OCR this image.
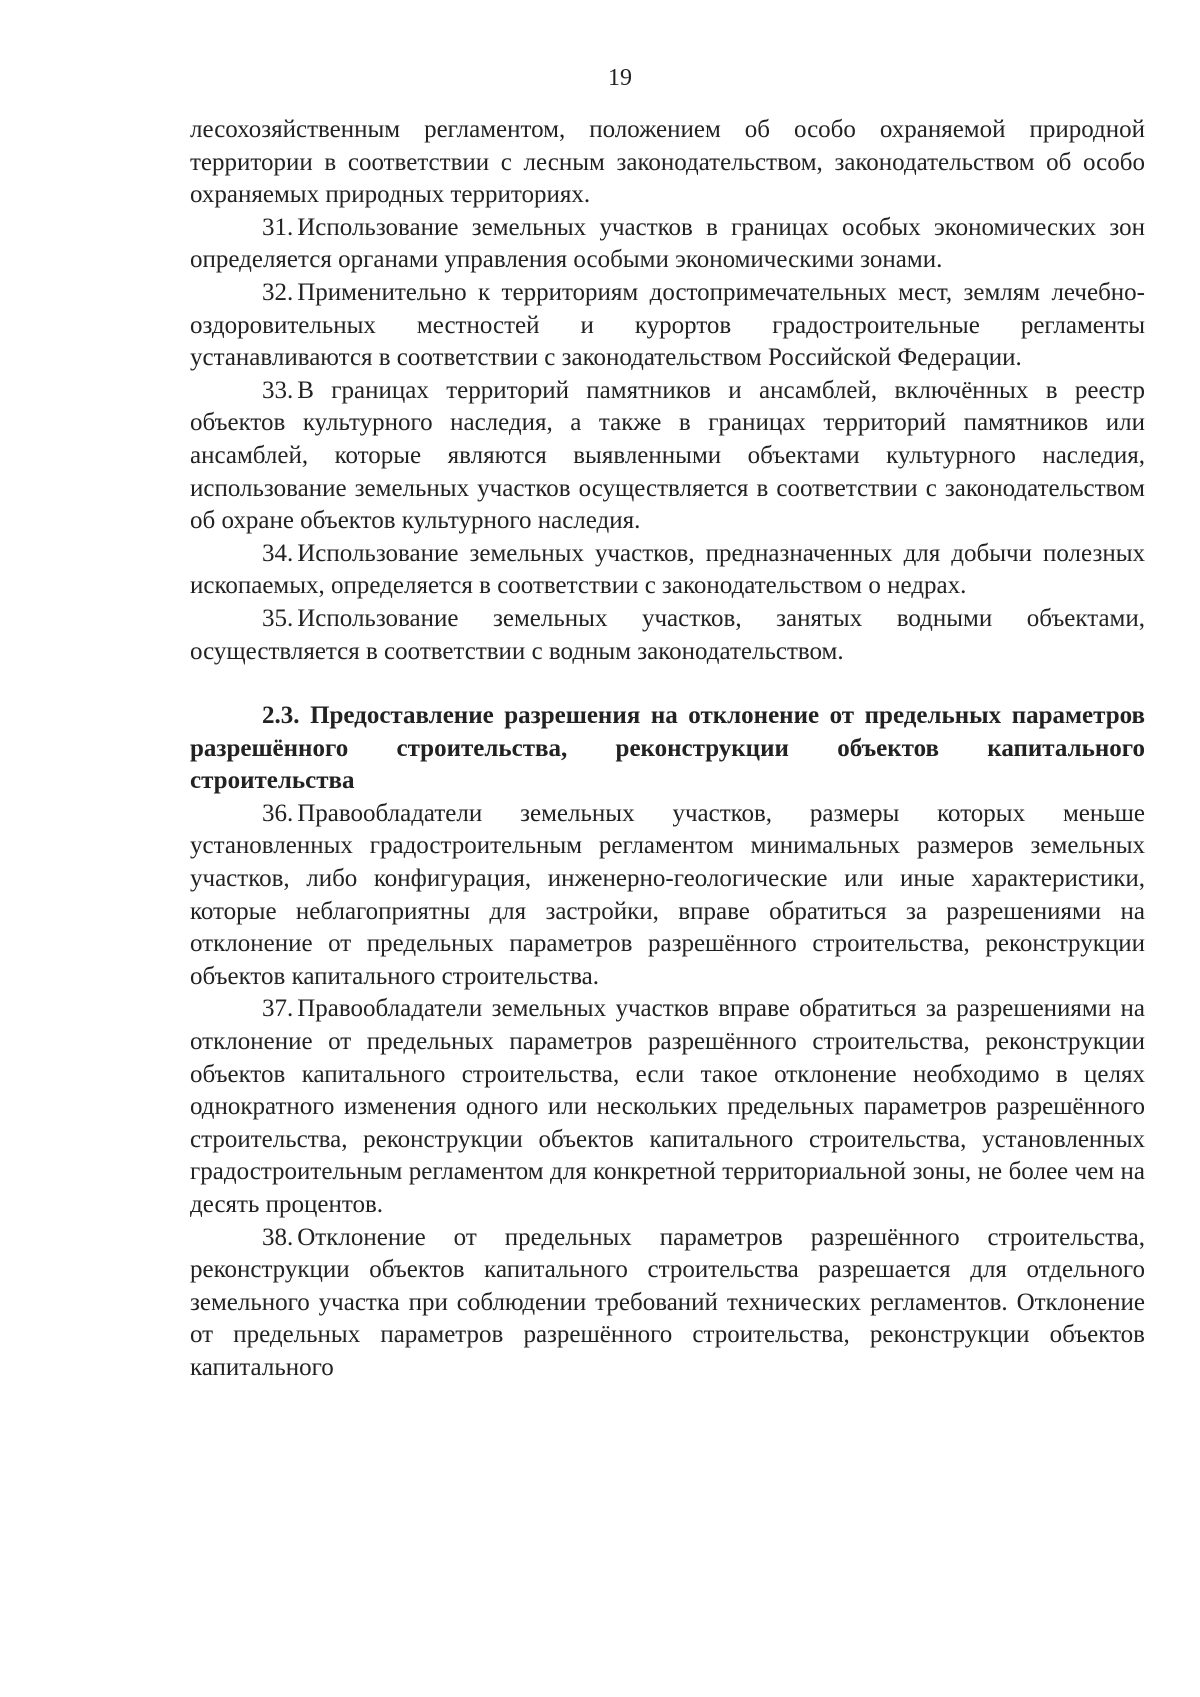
19

лесохозяйственным регламентом, положением об особо охраняемой природной территории в соответствии с лесным законодательством, законодательством об особо охраняемых природных территориях.

31. Использование земельных участков в границах особых экономических зон определяется органами управления особыми экономическими зонами.

32. Применительно к территориям достопримечательных мест, землям лечебно-оздоровительных местностей и курортов градостроительные регламенты устанавливаются в соответствии с законодательством Российской Федерации.

33. В границах территорий памятников и ансамблей, включённых в реестр объектов культурного наследия, а также в границах территорий памятников или ансамблей, которые являются выявленными объектами культурного наследия, использование земельных участков осуществляется в соответствии с законодательством об охране объектов культурного наследия.

34. Использование земельных участков, предназначенных для добычи полезных ископаемых, определяется в соответствии с законодательством о недрах.

35. Использование земельных участков, занятых водными объектами, осуществляется в соответствии с водным законодательством.

2.3. Предоставление разрешения на отклонение от предельных параметров разрешённого строительства, реконструкции объектов капитального строительства

36. Правообладатели земельных участков, размеры которых меньше установленных градостроительным регламентом минимальных размеров земельных участков, либо конфигурация, инженерно-геологические или иные характеристики, которые неблагоприятны для застройки, вправе обратиться за разрешениями на отклонение от предельных параметров разрешённого строительства, реконструкции объектов капитального строительства.

37. Правообладатели земельных участков вправе обратиться за разрешениями на отклонение от предельных параметров разрешённого строительства, реконструкции объектов капитального строительства, если такое отклонение необходимо в целях однократного изменения одного или нескольких предельных параметров разрешённого строительства, реконструкции объектов капитального строительства, установленных градостроительным регламентом для конкретной территориальной зоны, не более чем на десять процентов.

38. Отклонение от предельных параметров разрешённого строительства, реконструкции объектов капитального строительства разрешается для отдельного земельного участка при соблюдении требований технических регламентов. Отклонение от предельных параметров разрешённого строительства, реконструкции объектов капитального
